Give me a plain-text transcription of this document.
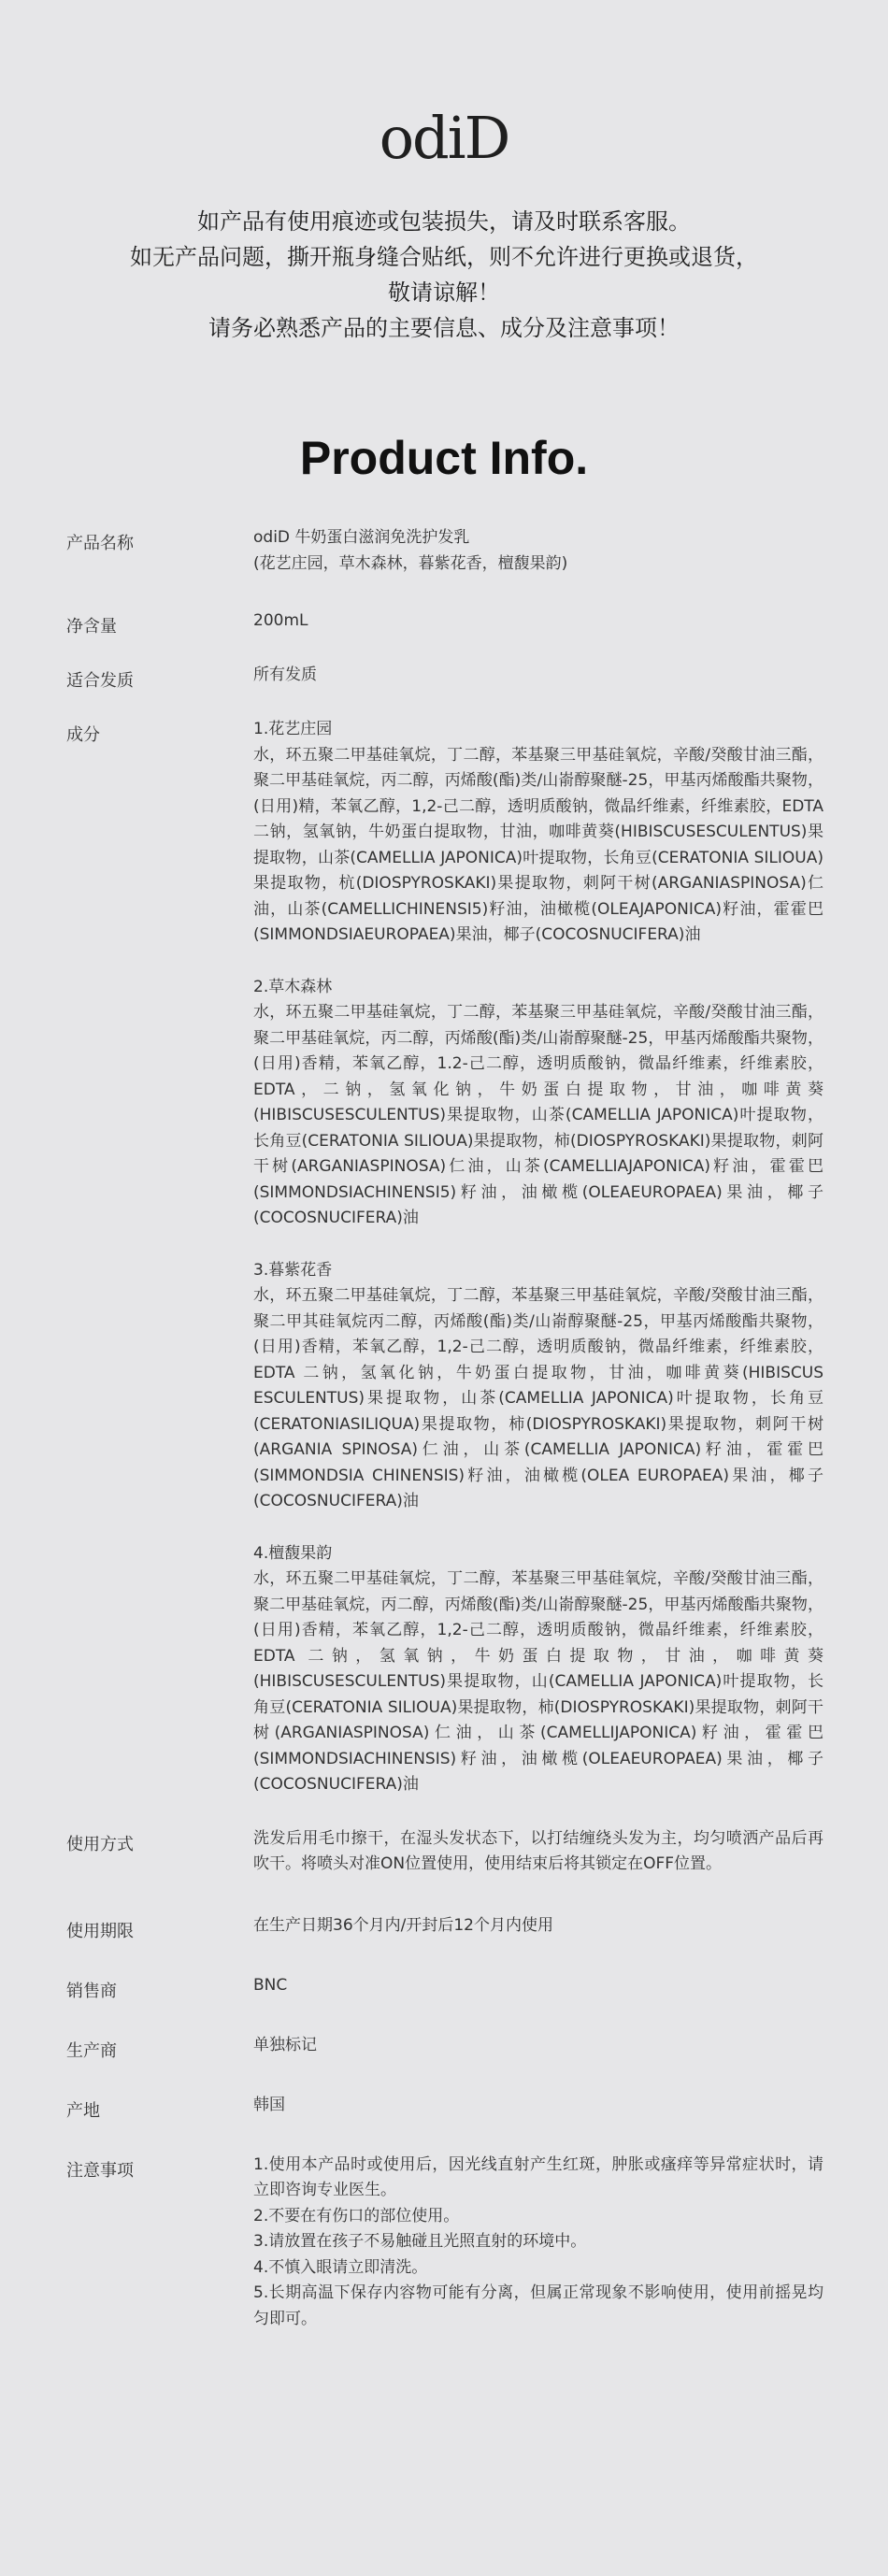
odiD
如产品有使用痕迹或包装损失，请及时联系客服。
如无产品问题，撕开瓶身缝合贴纸，则不允许进行更换或退货，
敬请谅解！
请务必熟悉产品的主要信息、成分及注意事项！
Product Info.
产品名称	odiD 牛奶蛋白滋润免洗护发乳
(花艺庄园，草木森林，暮紫花香，檀馥果韵)
净含量	200mL
适合发质	所有发质
成分	1.花艺庄园
水，环五聚二甲基硅氧烷，丁二醇，苯基聚三甲基硅氧烷，辛酸/癸酸甘油三酯，聚二甲基硅氧烷，丙二醇，丙烯酸(酯)类/山嵛醇聚醚-25，甲基丙烯酸酯共聚物，(日用)精，苯氧乙醇，1,2-己二醇，透明质酸钠，微晶纤维素，纤维素胶，EDTA 二钠，氢氧钠，牛奶蛋白提取物，甘油，咖啡黄葵(HIBISCUSESCULENTUS)果提取物，山茶(CAMELLIA JAPONICA)叶提取物，长角豆(CERATONIA SILIOUA)果提取物，杭(DIOSPYROSKAKI)果提取物，刺阿干树(ARGANIASPINOSA)仁油，山茶(CAMELLICHINENSI5)籽油，油橄榄(OLEAJAPONICA)籽油，霍霍巴(SIMMONDSIAEUROPAEA)果油，椰子(COCOSNUCIFERA)油
2.草木森林
水，环五聚二甲基硅氧烷，丁二醇，苯基聚三甲基硅氧烷，辛酸/癸酸甘油三酯，聚二甲基硅氧烷，丙二醇，丙烯酸(酯)类/山嵛醇聚醚-25，甲基丙烯酸酯共聚物，(日用)香精，苯氧乙醇，1.2-己二醇，透明质酸钠，微晶纤维素，纤维素胶，EDTA，二钠，氢氧化钠，牛奶蛋白提取物，甘油，咖啡黄葵(HIBISCUSESCULENTUS)果提取物，山茶(CAMELLIA JAPONICA)叶提取物，长角豆(CERATONIA SILIOUA)果提取物，柿(DIOSPYROSKAKI)果提取物，刺阿干树(ARGANIASPINOSA)仁油，山茶(CAMELLIAJAPONICA)籽油，霍霍巴(SIMMONDSIACHINENSI5)籽油，油橄榄(OLEAEUROPAEA)果油，椰子(COCOSNUCIFERA)油
3.暮紫花香
水，环五聚二甲基硅氧烷，丁二醇，苯基聚三甲基硅氧烷，辛酸/癸酸甘油三酯，聚二甲其硅氧烷丙二醇，丙烯酸(酯)类/山嵛醇聚醚-25，甲基丙烯酸酯共聚物，(日用)香精，苯氧乙醇，1,2-己二醇，透明质酸钠，微晶纤维素，纤维素胶，EDTA 二钠，氢氧化钠，牛奶蛋白提取物，甘油，咖啡黄葵(HIBISCUS ESCULENTUS)果提取物，山茶(CAMELLIA JAPONICA)叶提取物，长角豆(CERATONIASILIQUA)果提取物，柿(DIOSPYROSKAKI)果提取物，刺阿干树(ARGANIA SPINOSA)仁油，山茶(CAMELLIA JAPONICA)籽油，霍霍巴(SIMMONDSIA CHINENSIS)籽油，油橄榄(OLEA EUROPAEA)果油，椰子(COCOSNUCIFERA)油
4.檀馥果韵
水，环五聚二甲基硅氧烷，丁二醇，苯基聚三甲基硅氧烷，辛酸/癸酸甘油三酯，聚二甲基硅氧烷，丙二醇，丙烯酸(酯)类/山嵛醇聚醚-25，甲基丙烯酸酯共聚物，(日用)香精，苯氧乙醇，1,2-己二醇，透明质酸钠，微晶纤维素，纤维素胶，EDTA 二钠，氢氧钠，牛奶蛋白提取物，甘油，咖啡黄葵(HIBISCUSESCULENTUS)果提取物，山(CAMELLIA JAPONICA)叶提取物，长角豆(CERATONIA SILIOUA)果提取物，柿(DIOSPYROSKAKI)果提取物，刺阿干树(ARGANIASPINOSA)仁油，山茶(CAMELLIJAPONICA)籽油，霍霍巴(SIMMONDSIACHINENSIS)籽油，油橄榄(OLEAEUROPAEA)果油，椰子(COCOSNUCIFERA)油
使用方式	洗发后用毛巾擦干，在湿头发状态下，以打结缠绕头发为主，均匀喷洒产品后再吹干。将喷头对准ON位置使用，使用结束后将其锁定在OFF位置。
使用期限	在生产日期36个月内/开封后12个月内使用
销售商	BNC
生产商	单独标记
产地	韩国
注意事项	1.使用本产品时或使用后，因光线直射产生红斑，肿胀或瘙痒等异常症状时，请立即咨询专业医生。
2.不要在有伤口的部位使用。
3.请放置在孩子不易触碰且光照直射的环境中。
4.不慎入眼请立即清洗。
5.长期高温下保存内容物可能有分离，但属正常现象不影响使用，使用前摇晃均匀即可。
